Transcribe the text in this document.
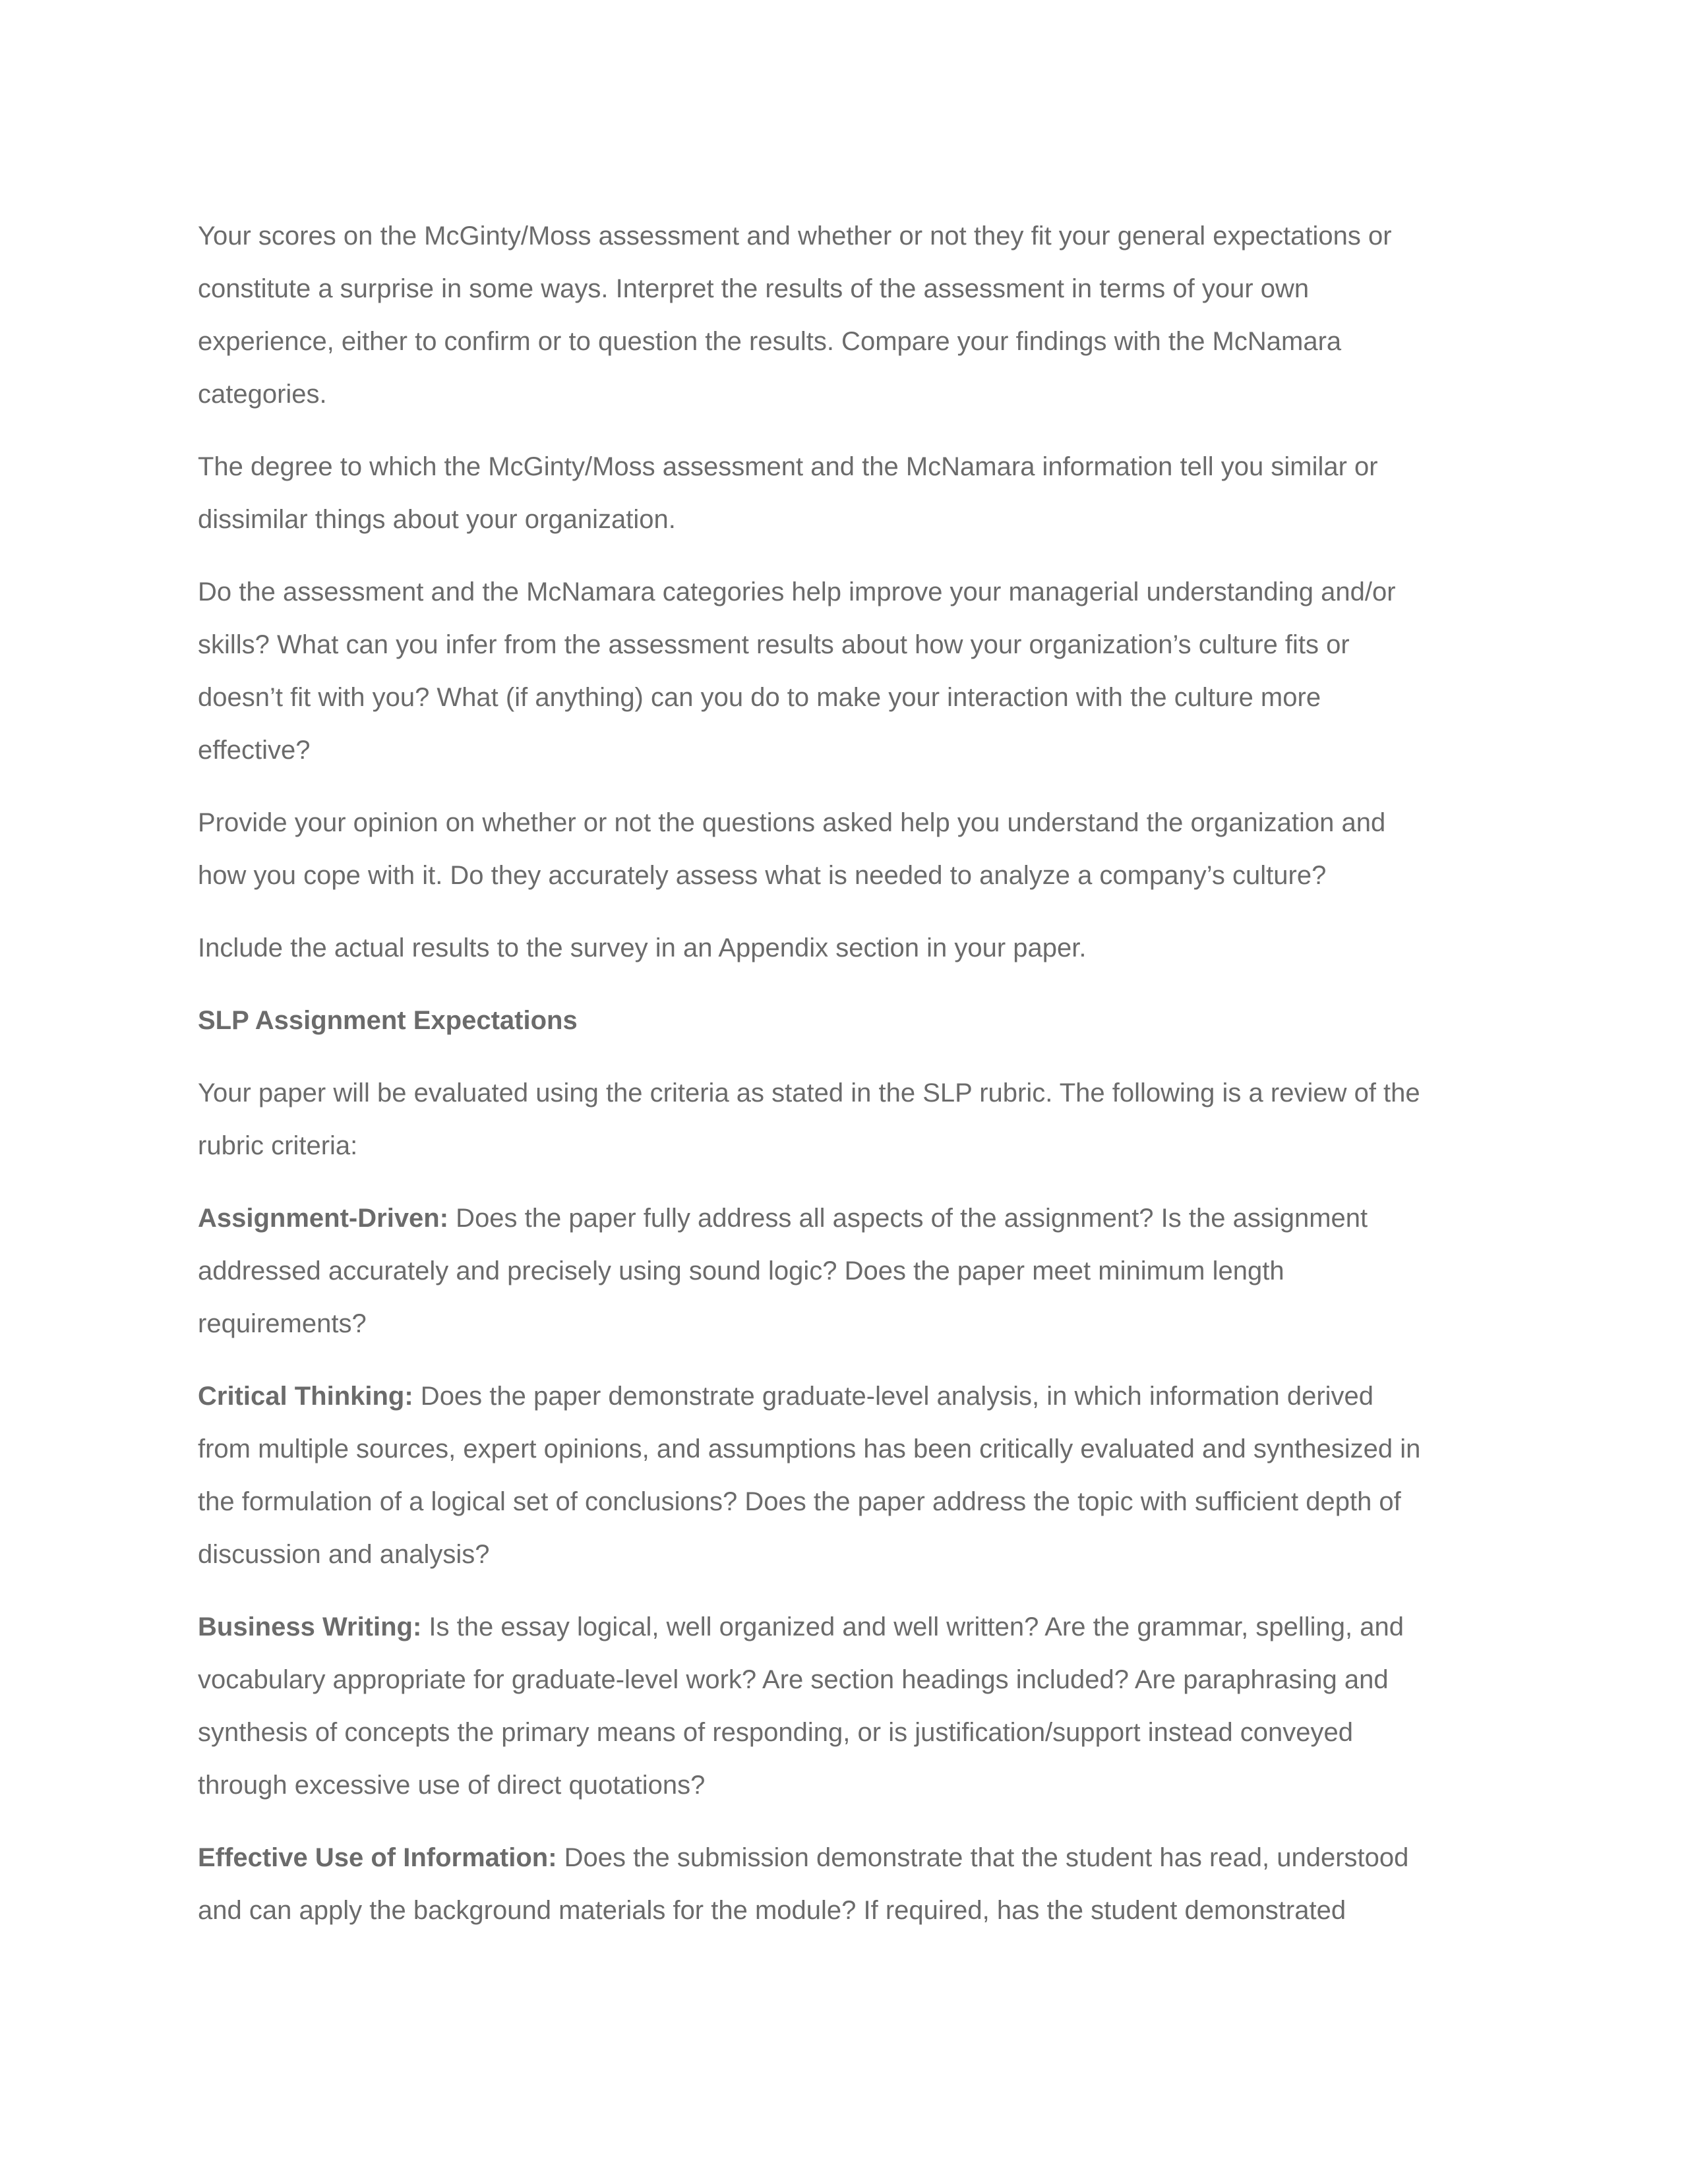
Your scores on the McGinty/Moss assessment and whether or not they fit your general expectations or
constitute a surprise in some ways. Interpret the results of the assessment in terms of your own
experience, either to confirm or to question the results. Compare your findings with the McNamara
categories.

The degree to which the McGinty/Moss assessment and the McNamara information tell you similar or
dissimilar things about your organization.

Do the assessment and the McNamara categories help improve your managerial understanding and/or
skills? What can you infer from the assessment results about how your organization’s culture fits or
doesn’t fit with you? What (if anything) can you do to make your interaction with the culture more
effective?

Provide your opinion on whether or not the questions asked help you understand the organization and
how you cope with it. Do they accurately assess what is needed to analyze a company’s culture?

Include the actual results to the survey in an Appendix section in your paper.

SLP Assignment Expectations

Your paper will be evaluated using the criteria as stated in the SLP rubric. The following is a review of the
rubric criteria:

Assignment-Driven: Does the paper fully address all aspects of the assignment? Is the assignment
addressed accurately and precisely using sound logic? Does the paper meet minimum length
requirements?

Critical Thinking: Does the paper demonstrate graduate-level analysis, in which information derived
from multiple sources, expert opinions, and assumptions has been critically evaluated and synthesized in
the formulation of a logical set of conclusions? Does the paper address the topic with sufficient depth of
discussion and analysis?

Business Writing: Is the essay logical, well organized and well written? Are the grammar, spelling, and
vocabulary appropriate for graduate-level work? Are section headings included? Are paraphrasing and
synthesis of concepts the primary means of responding, or is justification/support instead conveyed
through excessive use of direct quotations?

Effective Use of Information: Does the submission demonstrate that the student has read, understood
and can apply the background materials for the module? If required, has the student demonstrated
